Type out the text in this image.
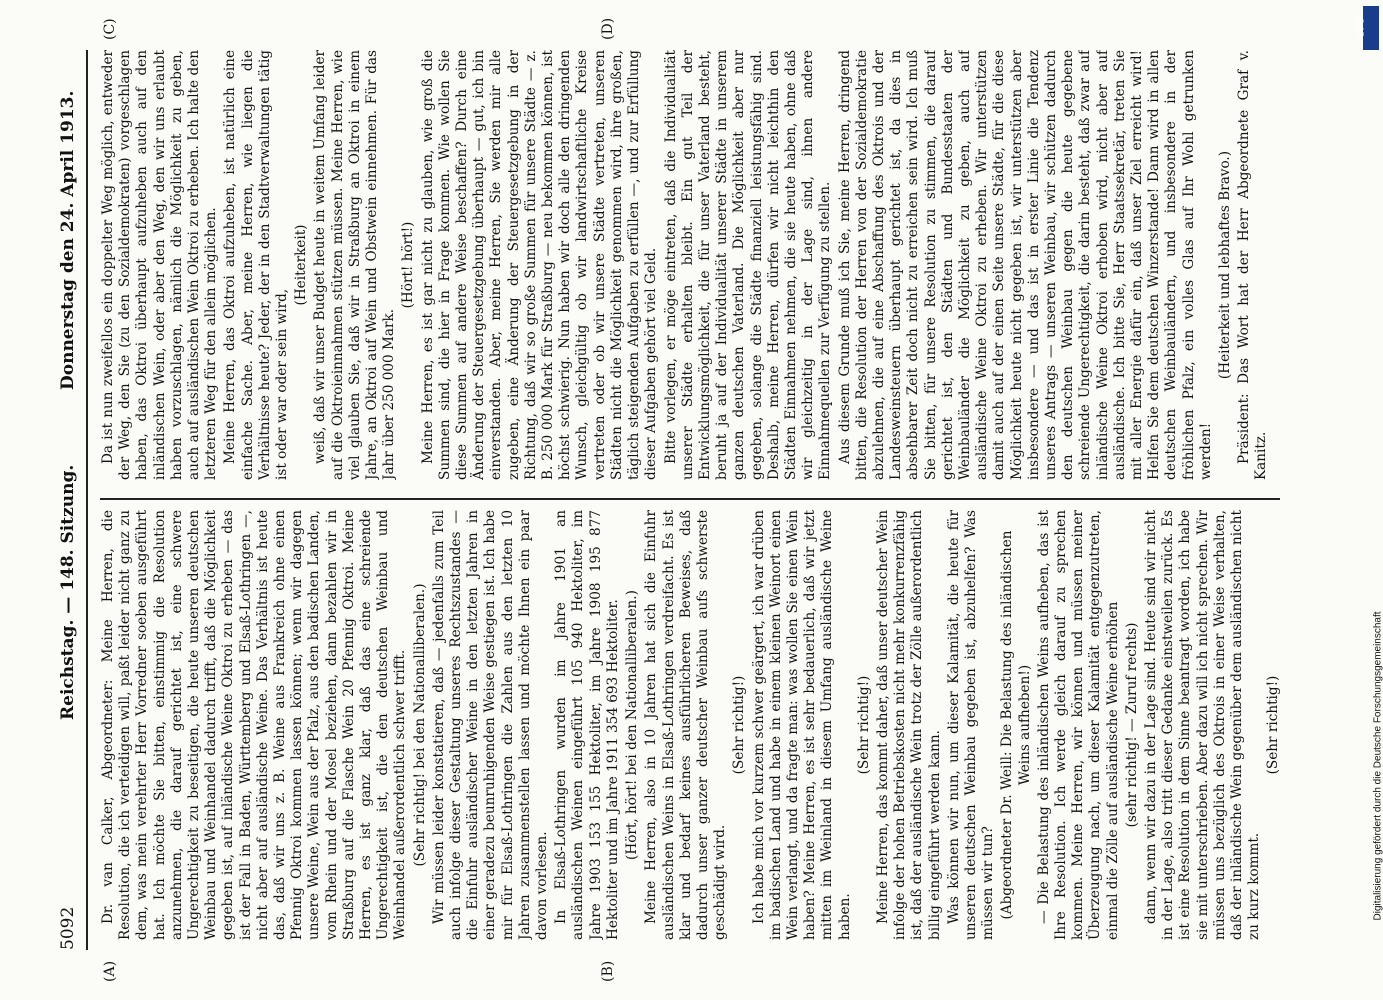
5092
Reichstag. — 148. Sitzung.
Donnerstag den 24. April 1913.
(A)	(B)
(C)	(D)

Dr. van Calker, Abgeordneter: Meine Herren, die Resolution, die ich verteidigen will, paßt leider nicht ganz zu dem, was mein verehrter Herr Vorredner soeben ausgeführt hat. Ich möchte Sie bitten, einstimmig die Resolution anzunehmen, die darauf gerichtet ist, eine schwere Ungerechtigkeit zu beseitigen, die heute unseren deutschen Weinbau und Weinhandel dadurch trifft, daß die Möglichkeit gegeben ist, auf inländische Weine Oktroi zu erheben — das ist der Fall in Baden, Württemberg und Elsaß-Lothringen —, nicht aber auf ausländische Weine. Das Verhältnis ist heute das, daß wir uns z. B. Weine aus Frankreich ohne einen Pfennig Oktroi kommen lassen können; wenn wir dagegen unsere Weine, Wein aus der Pfalz, aus den badischen Landen, vom Rhein und der Mosel beziehen, dann bezahlen wir in Straßburg auf die Flasche Wein 20 Pfennig Oktroi. Meine Herren, es ist ganz klar, daß das eine schreiende Ungerechtigkeit ist, die den deutschen Weinbau und Weinhandel außerordentlich schwer trifft. (Sehr richtig! bei den Nationalliberalen.) Wir müssen leider konstatieren, daß — jedenfalls zum Teil auch infolge dieser Gestaltung unseres Rechtszustandes — die Einfuhr ausländischer Weine in den letzten Jahren in einer geradezu beunruhigenden Weise gestiegen ist. Ich habe mir für Elsaß-Lothringen die Zahlen aus den letzten 10 Jahren zusammenstellen lassen und möchte Ihnen ein paar davon vorlesen. In Elsaß-Lothringen wurden im Jahre 1901 an ausländischen Weinen eingeführt 105 940 Hektoliter, im Jahre 1903 153 155 Hektoliter, im Jahre 1908 195 877 Hektoliter und im Jahre 1911 354 693 Hektoliter. (Hört, hört! bei den Nationalliberalen.) Meine Herren, also in 10 Jahren hat sich die Einfuhr ausländischen Weins in Elsaß-Lothringen verdreifacht. Es ist klar und bedarf keines ausführlicheren Beweises, daß dadurch unser ganzer deutscher Weinbau aufs schwerste geschädigt wird.

(Sehr richtig!) Ich habe mich vor kurzem schwer geärgert, ich war drüben im badischen Land und habe in einem kleinen Weinort einen Wein verlangt, und da fragte man: was wollen Sie einen Wein haben? Meine Herren, es ist sehr bedauerlich, daß wir jetzt mitten im Weinland in diesem Umfang ausländische Weine haben.

(Sehr richtig!) Meine Herren, das kommt daher, daß unser deutscher Wein infolge der hohen Betriebskosten nicht mehr konkurrenzfähig ist, daß der ausländische Wein trotz der Zölle außerordentlich billig eingeführt werden kann. Was können wir nun, um dieser Kalamität, die heute für unseren deutschen Weinbau gegeben ist, abzuhelfen? Was müssen wir tun? (Abgeordneter Dr. Weill: Die Belastung des inländischen Weins aufheben!) — Die Belastung des inländischen Weins aufheben, das ist Ihre Resolution. Ich werde gleich darauf zu sprechen kommen. Meine Herren, wir können und müssen meiner Überzeugung nach, um dieser Kalamität entgegenzutreten, einmal die Zölle auf ausländische Weine erhöhen (sehr richtig! — Zuruf rechts) dann, wenn wir dazu in der Lage sind. Heute sind wir nicht in der Lage, also tritt dieser Gedanke einstweilen zurück. Es ist eine Resolution in dem Sinne beantragt worden, ich habe sie mit unterschrieben. Aber dazu will ich nicht sprechen. Wir müssen uns bezüglich des Oktrois in einer Weise verhalten, daß der inländische Wein gegenüber dem ausländischen nicht zu kurz kommt.

(Sehr richtig!)

Da ist nun zweifellos ein doppelter Weg möglich, entweder der Weg, den Sie (zu den Sozialdemokraten) vorgeschlagen haben, das Oktroi überhaupt aufzuheben auch auf den inländischen Wein, oder aber den Weg, den wir uns erlaubt haben vorzuschlagen, nämlich die Möglichkeit zu geben, auch auf ausländischen Wein Oktroi zu erheben. Ich halte den letzteren Weg für den allein möglichen. Meine Herren, das Oktroi aufzuheben, ist natürlich eine einfache Sache. Aber, meine Herren, wie liegen die Verhältnisse heute? Jeder, der in den Stadtverwaltungen tätig ist oder war oder sein wird,

(Heiterkeit) weiß, daß wir unser Budget heute in weitem Umfang leider auf die Oktroieinnahmen stützen müssen. Meine Herren, wie viel glauben Sie, daß wir in Straßburg an Oktroi in einem Jahre, an Oktroi auf Wein und Obstwein einnehmen. Für das Jahr über 250 000 Mark.

(Hört! hört!) Meine Herren, es ist gar nicht zu glauben, wie groß die Summen sind, die hier in Frage kommen. Wie wollen Sie diese Summen auf andere Weise beschaffen? Durch eine Änderung der Steuergesetzgebung überhaupt — gut, ich bin einverstanden. Aber, meine Herren, Sie werden mir alle zugeben, eine Änderung der Steuergesetzgebung in der Richtung, daß wir so große Summen für unsere Städte — z. B. 250 000 Mark für Straßburg — neu bekommen können, ist höchst schwierig. Nun haben wir doch alle den dringenden Wunsch, gleichgültig ob wir landwirtschaftliche Kreise vertreten oder ob wir unsere Städte vertreten, unseren Städten nicht die Möglichkeit genommen wird, ihre großen, täglich steigenden Aufgaben zu erfüllen —, und zur Erfüllung dieser Aufgaben gehört viel Geld. Bitte vorlegen, er möge eintreten, daß die Individualität unserer Städte erhalten bleibt. Ein gut Teil der Entwicklungsmöglichkeit, die für unser Vaterland besteht, beruht ja auf der Individualität unserer Städte in unserem ganzen deutschen Vaterland. Die Möglichkeit aber nur gegeben, solange die Städte finanziell leistungsfähig sind. Deshalb, meine Herren, dürfen wir nicht leichthin den Städten Einnahmen nehmen, die sie heute haben, ohne daß wir gleichzeitig in der Lage sind, ihnen andere Einnahmequellen zur Verfügung zu stellen. Aus diesem Grunde muß ich Sie, meine Herren, dringend bitten, die Resolution der Herren von der Sozialdemokratie abzulehnen, die auf eine Abschaffung des Oktrois und der Landesweinsteuern überhaupt gerichtet ist, da dies in absehbarer Zeit doch nicht zu erreichen sein wird. Ich muß Sie bitten, für unsere Resolution zu stimmen, die darauf gerichtet ist, den Städten und Bundesstaaten der Weinbauländer die Möglichkeit zu geben, auch auf ausländische Weine Oktroi zu erheben. Wir unterstützen damit auch auf der einen Seite unsere Städte, für die diese Möglichkeit heute nicht gegeben ist, wir unterstützen aber insbesondere — und das ist in erster Linie die Tendenz unseres Antrags — unseren Weinbau, wir schützen dadurch den deutschen Weinbau gegen die heute gegebene schreiende Ungerechtigkeit, die darin besteht, daß zwar auf inländische Weine Oktroi erhoben wird, nicht aber auf ausländische. Ich bitte Sie, Herr Staatssekretär, treten Sie mit aller Energie dafür ein, daß unser Ziel erreicht wird! Helfen Sie dem deutschen Winzerstande! Dann wird in allen deutschen Weinbauländern, und insbesondere in der fröhlichen Pfalz, ein volles Glas auf Ihr Wohl getrunken werden!

(Heiterkeit und lebhaftes Bravo.) Präsident: Das Wort hat der Herr Abgeordnete Graf v. Kanitz.

DFG
Digitalisierung gefördert durch die Deutsche Forschungsgemeinschaft
